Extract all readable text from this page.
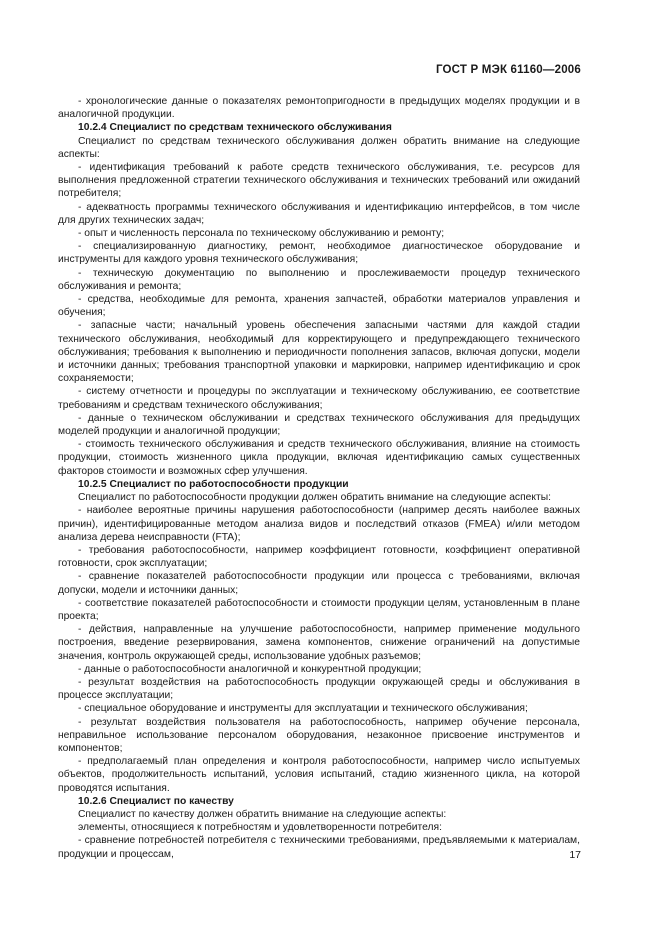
ГОСТ Р МЭК 61160—2006

- хронологические данные о показателях ремонтопригодности в предыдущих моделях продукции и в аналогичной продукции.

10.2.4 Специалист по средствам технического обслуживания

Специалист по средствам технического обслуживания должен обратить внимание на следующие аспекты:

- идентификация требований к работе средств технического обслуживания, т.е. ресурсов для выполнения предложенной стратегии технического обслуживания и технических требований или ожиданий потребителя;

- адекватность программы технического обслуживания и идентификацию интерфейсов, в том числе для других технических задач;

- опыт и численность персонала по техническому обслуживанию и ремонту;

- специализированную диагностику, ремонт, необходимое диагностическое оборудование и инструменты для каждого уровня технического обслуживания;

- техническую документацию по выполнению и прослеживаемости процедур технического обслуживания и ремонта;

- средства, необходимые для ремонта, хранения запчастей, обработки материалов управления и обучения;

- запасные части; начальный уровень обеспечения запасными частями для каждой стадии технического обслуживания, необходимый для корректирующего и предупреждающего технического обслуживания; требования к выполнению и периодичности пополнения запасов, включая допуски, модели и источники данных; требования транспортной упаковки и маркировки, например идентификацию и срок сохраняемости;

- систему отчетности и процедуры по эксплуатации и техническому обслуживанию, ее соответствие требованиям и средствам технического обслуживания;

- данные о техническом обслуживании и средствах технического обслуживания для предыдущих моделей продукции и аналогичной продукции;

- стоимость технического обслуживания и средств технического обслуживания, влияние на стоимость продукции, стоимость жизненного цикла продукции, включая идентификацию самых существенных факторов стоимости и возможных сфер улучшения.

10.2.5 Специалист по работоспособности продукции

Специалист по работоспособности продукции должен обратить внимание на следующие аспекты:

- наиболее вероятные причины нарушения работоспособности (например десять наиболее важных причин), идентифицированные методом анализа видов и последствий отказов (FMEA) и/или методом анализа дерева неисправности (FTA);

- требования работоспособности, например коэффициент готовности, коэффициент оперативной готовности, срок эксплуатации;

- сравнение показателей работоспособности продукции или процесса с требованиями, включая допуски, модели и источники данных;

- соответствие показателей работоспособности и стоимости продукции целям, установленным в плане проекта;

- действия, направленные на улучшение работоспособности, например применение модульного построения, введение резервирования, замена компонентов, снижение ограничений на допустимые значения, контроль окружающей среды, использование удобных разъемов;

- данные о работоспособности аналогичной и конкурентной продукции;

- результат воздействия на работоспособность продукции окружающей среды и обслуживания в процессе эксплуатации;

- специальное оборудование и инструменты для эксплуатации и технического обслуживания;

- результат воздействия пользователя на работоспособность, например обучение персонала, неправильное использование персоналом оборудования, незаконное присвоение инструментов и компонентов;

- предполагаемый план определения и контроля работоспособности, например число испытуемых объектов, продолжительность испытаний, условия испытаний, стадию жизненного цикла, на которой проводятся испытания.

10.2.6 Специалист по качеству

Специалист по качеству должен обратить внимание на следующие аспекты:

элементы, относящиеся к потребностям и удовлетворенности потребителя:

- сравнение потребностей потребителя с техническими требованиями, предъявляемыми к материалам, продукции и процессам,	17
